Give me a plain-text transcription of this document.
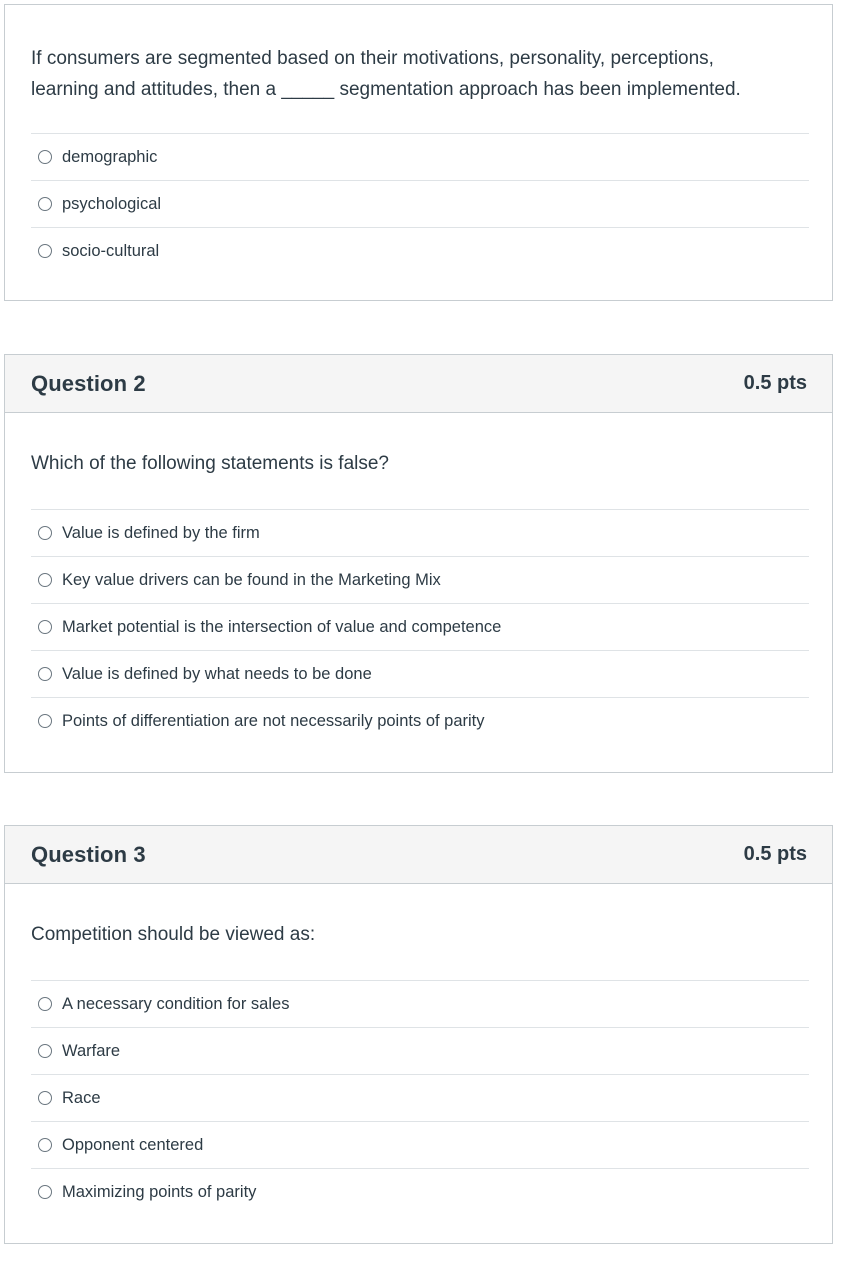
If consumers are segmented based on their motivations, personality, perceptions,
learning and attitudes, then a _____ segmentation approach has been implemented.
demographic
psychological
socio-cultural
Question 2	0.5 pts
Which of the following statements is false?
Value is defined by the firm
Key value drivers can be found in the Marketing Mix
Market potential is the intersection of value and competence
Value is defined by what needs to be done
Points of differentiation are not necessarily points of parity
Question 3	0.5 pts
Competition should be viewed as:
A necessary condition for sales
Warfare
Race
Opponent centered
Maximizing points of parity
